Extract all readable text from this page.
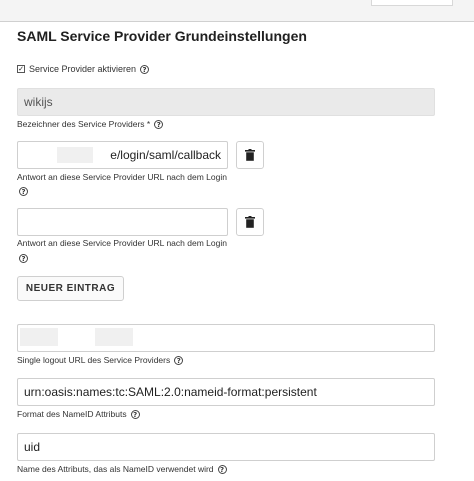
SAML Service Provider Grundeinstellungen
✓ Service Provider aktivieren ?
wikijs
Bezeichner des Service Providers * ?
e/login/saml/callback
Antwort an diese Service Provider URL nach dem Login
?
Antwort an diese Service Provider URL nach dem Login
?
NEUER EINTRAG
Single logout URL des Service Providers ?
urn:oasis:names:tc:SAML:2.0:nameid-format:persistent
Format des NameID Attributs ?
uid
Name des Attributs, das als NameID verwendet wird ?
